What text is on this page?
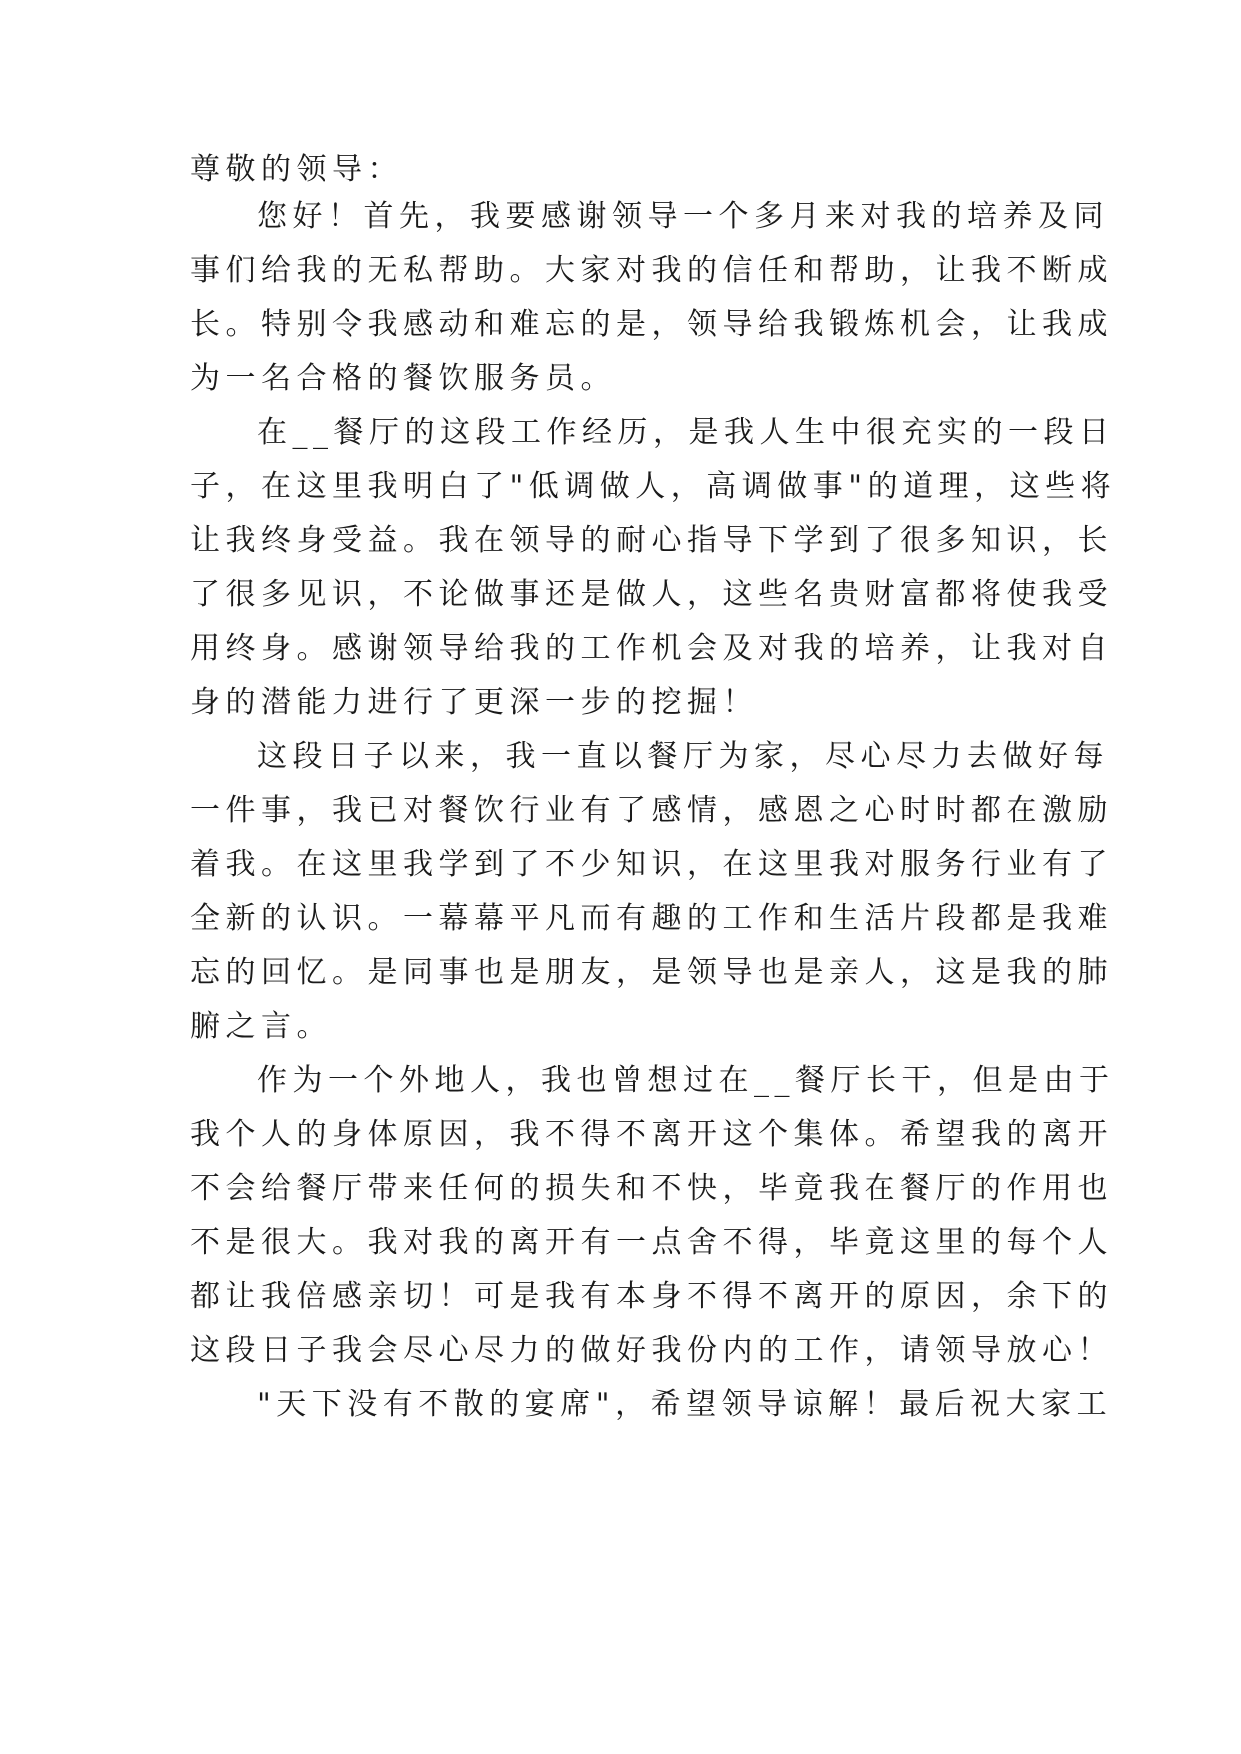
尊敬的领导：
您好！首先，我要感谢领导一个多月来对我的培养及同
事们给我的无私帮助。大家对我的信任和帮助，让我不断成
长。特别令我感动和难忘的是，领导给我锻炼机会，让我成
为一名合格的餐饮服务员。
在__餐厅的这段工作经历，是我人生中很充实的一段日
子，在这里我明白了"低调做人，高调做事"的道理，这些将
让我终身受益。我在领导的耐心指导下学到了很多知识，长
了很多见识，不论做事还是做人，这些名贵财富都将使我受
用终身。感谢领导给我的工作机会及对我的培养，让我对自
身的潜能力进行了更深一步的挖掘！
这段日子以来，我一直以餐厅为家，尽心尽力去做好每
一件事，我已对餐饮行业有了感情，感恩之心时时都在激励
着我。在这里我学到了不少知识，在这里我对服务行业有了
全新的认识。一幕幕平凡而有趣的工作和生活片段都是我难
忘的回忆。是同事也是朋友，是领导也是亲人，这是我的肺
腑之言。
作为一个外地人，我也曾想过在__餐厅长干，但是由于
我个人的身体原因，我不得不离开这个集体。希望我的离开
不会给餐厅带来任何的损失和不快，毕竟我在餐厅的作用也
不是很大。我对我的离开有一点舍不得，毕竟这里的每个人
都让我倍感亲切！可是我有本身不得不离开的原因，余下的
这段日子我会尽心尽力的做好我份内的工作，请领导放心！
"天下没有不散的宴席"，希望领导谅解！最后祝大家工
